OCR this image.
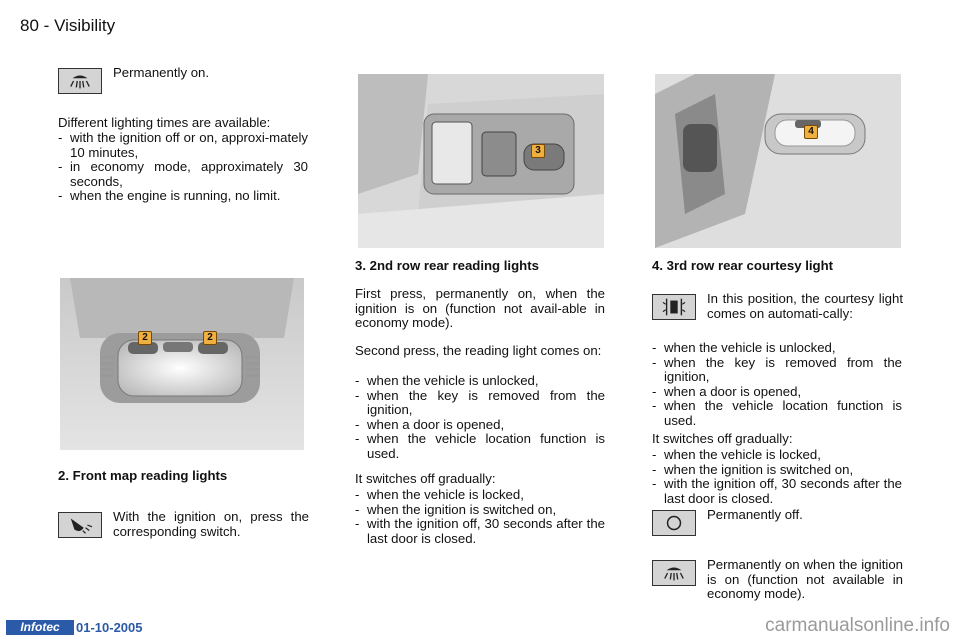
80 - Visibility
Permanently on.
Different lighting times are available:
- with the ignition off or on, approxi-mately 10 minutes,
- in economy mode, approximately 30 seconds,
- when the engine is running, no limit.
2	2
2. Front map reading lights
With the ignition on, press the corresponding switch.
3
3. 2nd row rear reading lights
First press, permanently on, when the ignition is on (function not avail-able in economy mode).
Second press, the reading light comes on:
- when the vehicle is unlocked,
- when the key is removed from the ignition,
- when a door is opened,
- when the vehicle location function is used.
It switches off gradually:
- when the vehicle is locked,
- when the ignition is switched on,
- with the ignition off, 30 seconds after the last door is closed.
4
4. 3rd row rear courtesy light
In this position, the courtesy light comes on automati-cally:
- when the vehicle is unlocked,
- when the key is removed from the ignition,
- when a door is opened,
- when the vehicle location function is used.
It switches off gradually:
- when the vehicle is locked,
- when the ignition is switched on,
- with the ignition off, 30 seconds after the last door is closed.
Permanently off.
Permanently on when the ignition is on (function not available in economy mode).
Infotec	01-10-2005	carmanualsonline.info
